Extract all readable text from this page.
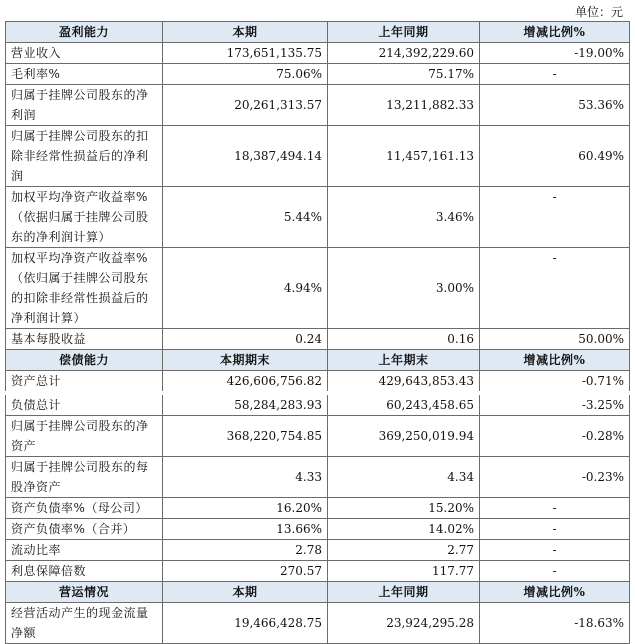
单位：元
盈利能力	本期	上年同期	增减比例%
营业收入	173,651,135.75	214,392,229.60	-19.00%
毛利率%	75.06%	75.17%	-
归属于挂牌公司股东的净利润	20,261,313.57	13,211,882.33	53.36%
归属于挂牌公司股东的扣除非经常性损益后的净利润	18,387,494.14	11,457,161.13	60.49%
加权平均净资产收益率%（依据归属于挂牌公司股东的净利润计算）	5.44%	3.46%	-
加权平均净资产收益率%（依归属于挂牌公司股东的扣除非经常性损益后的净利润计算）	4.94%	3.00%	-
基本每股收益	0.24	0.16	50.00%
偿债能力	本期期末	上年期末	增减比例%
资产总计	426,606,756.82	429,643,853.43	-0.71%
负债总计	58,284,283.93	60,243,458.65	-3.25%
归属于挂牌公司股东的净资产	368,220,754.85	369,250,019.94	-0.28%
归属于挂牌公司股东的每股净资产	4.33	4.34	-0.23%
资产负债率%（母公司）	16.20%	15.20%	-
资产负债率%（合并）	13.66%	14.02%	-
流动比率	2.78	2.77	-
利息保障倍数	270.57	117.77	-
营运情况	本期	上年同期	增减比例%
经营活动产生的现金流量净额	19,466,428.75	23,924,295.28	-18.63%
